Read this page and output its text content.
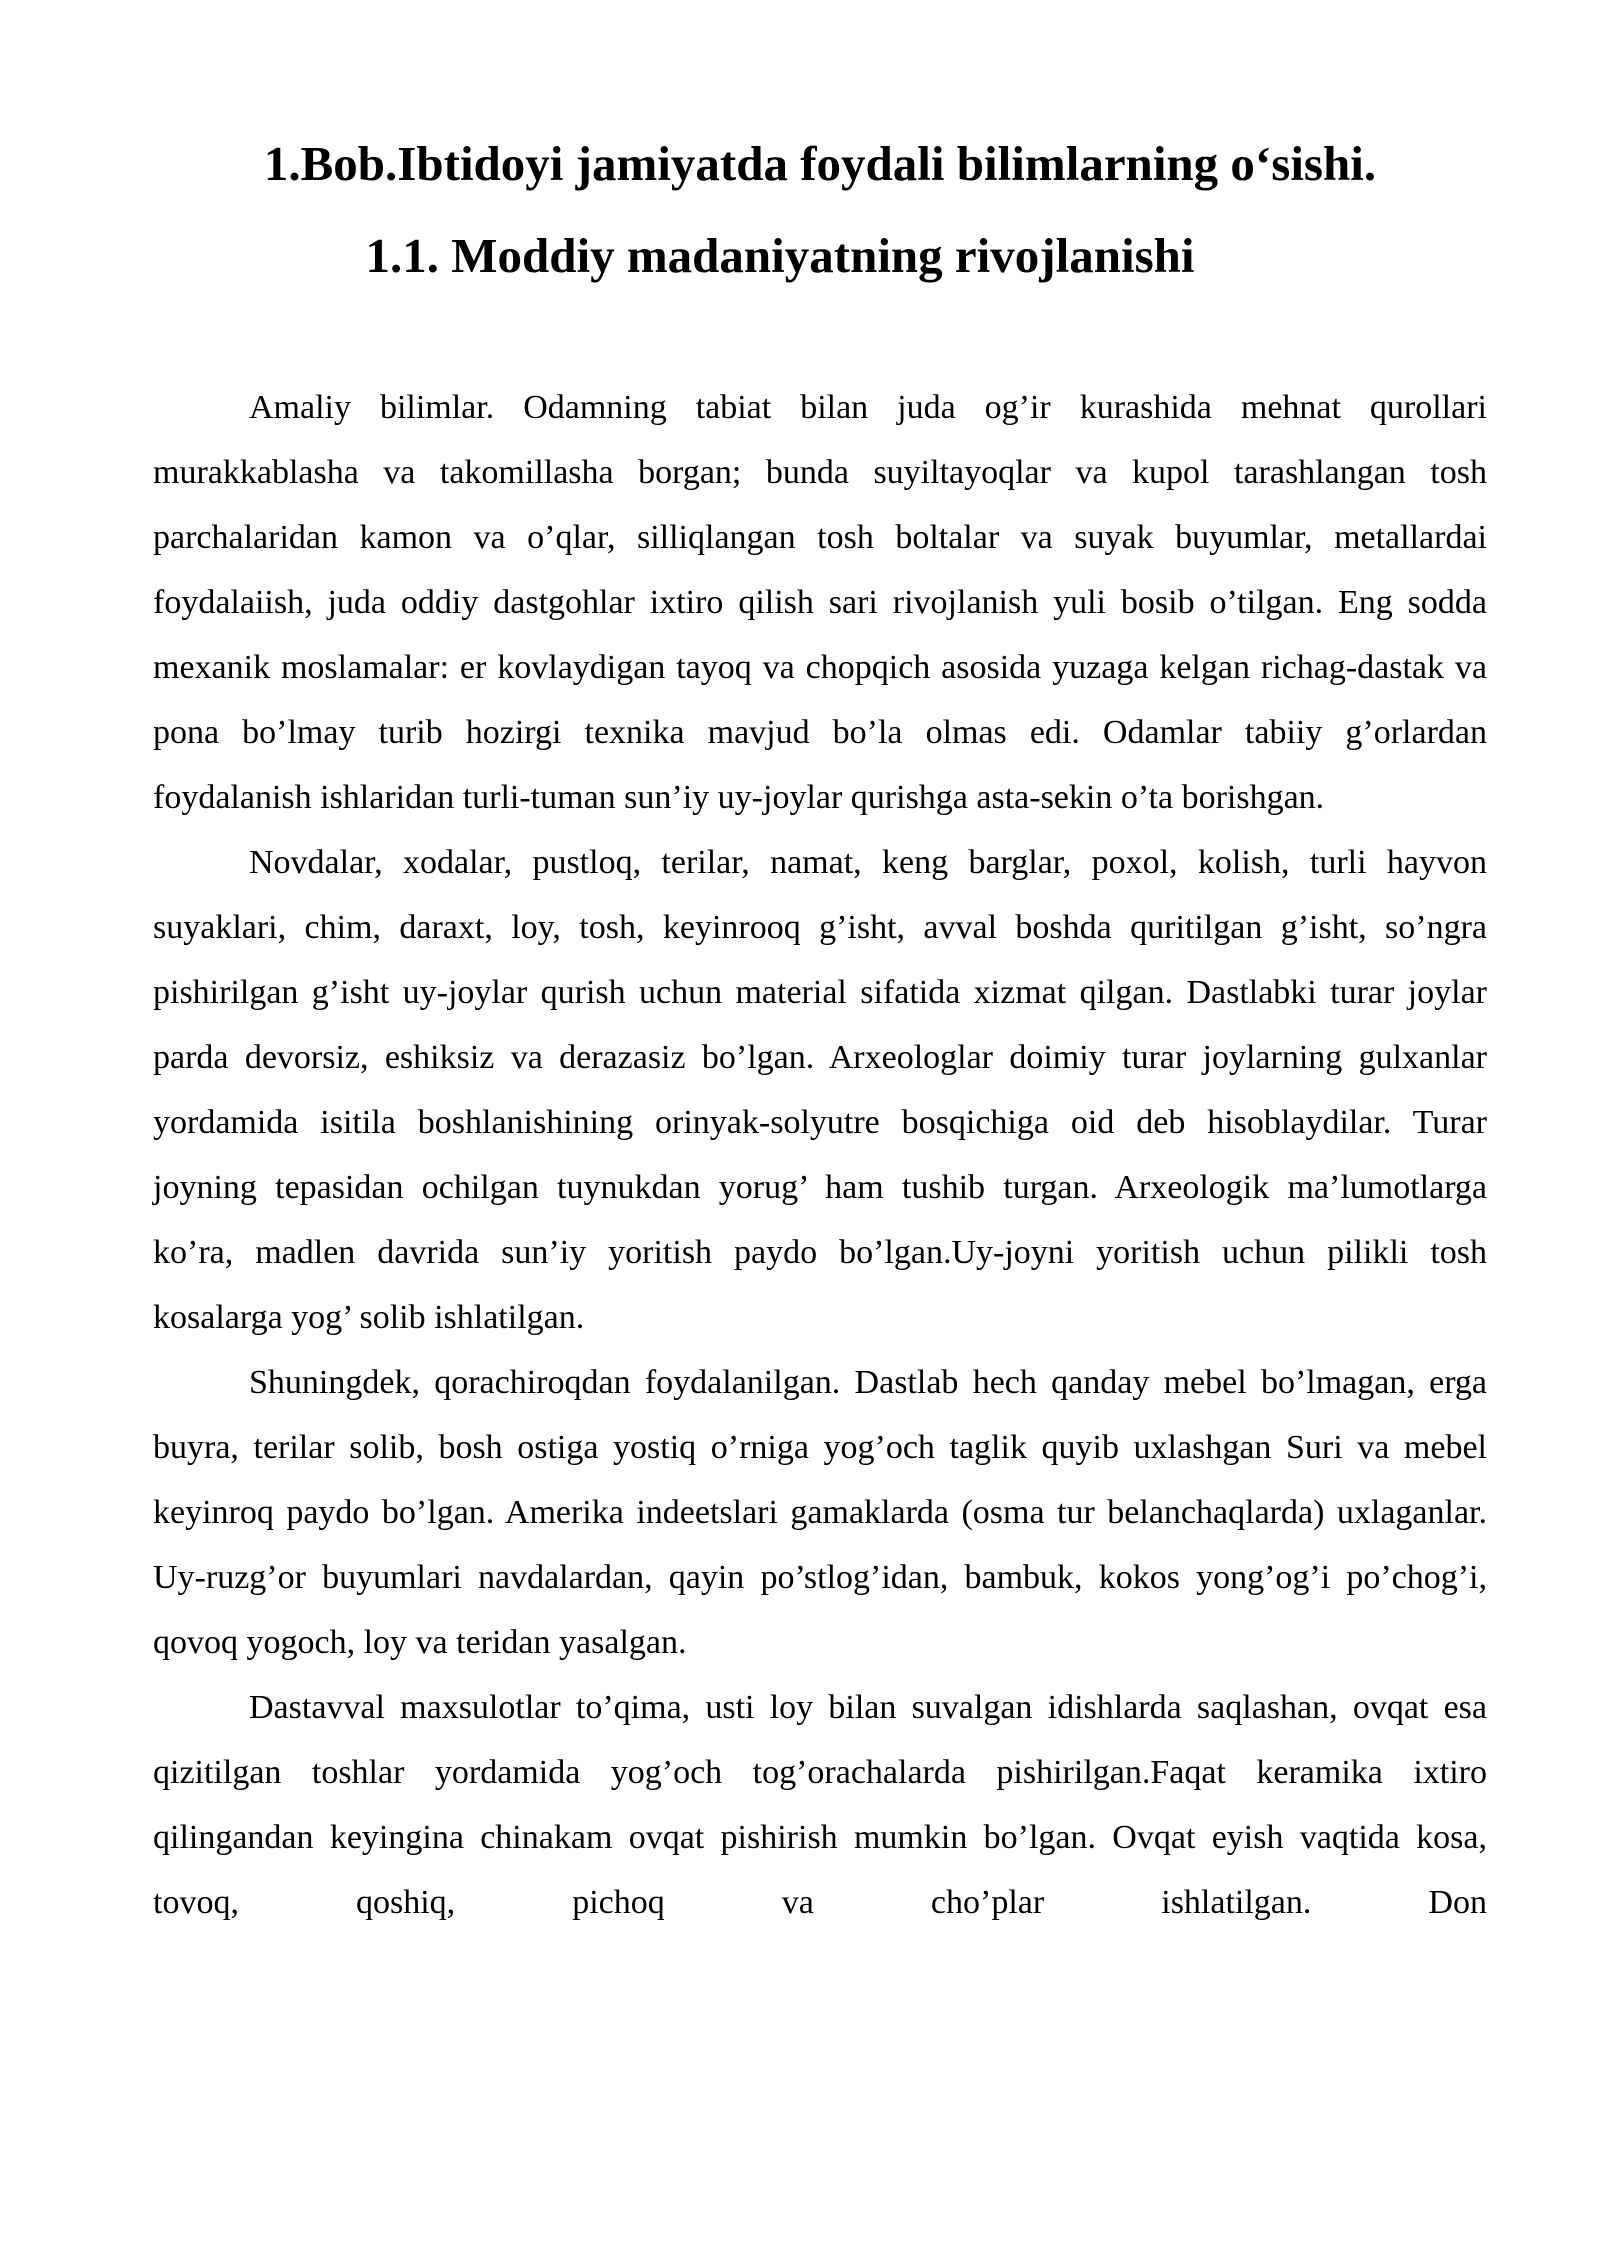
1.Bob.Ibtidoyi jamiyatda foydali bilimlarning o‘sishi.
1.1. Moddiy madaniyatning rivojlanishi

Amaliy bilimlar. Odamning tabiat bilan juda og’ir kurashida mehnat qurollari murakkablasha va takomillasha borgan; bunda suyiltayoqlar va kupol tarashlangan tosh parchalaridan kamon va o’qlar, silliqlangan tosh boltalar va suyak buyumlar, metallardai foydalaiish, juda oddiy dastgohlar ixtiro qilish sari rivojlanish yuli bosib o’tilgan. Eng sodda mexanik moslamalar: er kovlaydigan tayoq va chopqich asosida yuzaga kelgan richag-dastak va pona bo’lmay turib hozirgi texnika mavjud bo’la olmas edi. Odamlar tabiiy g’orlardan foydalanish ishlaridan turli-tuman sun’iy uy-joylar qurishga asta-sekin o’ta borishgan.

Novdalar, xodalar, pustloq, terilar, namat, keng barglar, poxol, kolish, turli hayvon suyaklari, chim, daraxt, loy, tosh, keyinrooq g’isht, avval boshda quritilgan g’isht, so’ngra pishirilgan g’isht uy-joylar qurish uchun material sifatida xizmat qilgan. Dastlabki turar joylar parda devorsiz, eshiksiz va derazasiz bo’lgan. Arxeologlar doimiy turar joylarning gulxanlar yordamida isitila boshlanishining orinyak-solyutre bosqichiga oid deb hisoblaydilar. Turar joyning tepasidan ochilgan tuynukdan yorug’ ham tushib turgan. Arxeologik ma’lumotlarga ko’ra, madlen davrida sun’iy yoritish paydo bo’lgan.Uy-joyni yoritish uchun pilikli tosh kosalarga yog’ solib ishlatilgan.

Shuningdek, qorachiroqdan foydalanilgan. Dastlab hech qanday mebel bo’lmagan, erga buyra, terilar solib, bosh ostiga yostiq o’rniga yog’och taglik quyib uxlashgan Suri va mebel keyinroq paydo bo’lgan. Amerika indeetslari gamaklarda (osma tur belanchaqlarda) uxlaganlar. Uy-ruzg’or buyumlari navdalardan, qayin po’stlog’idan, bambuk, kokos yong’og’i po’chog’i, qovoq yogoch, loy va teridan yasalgan.

Dastavval maxsulotlar to’qima, usti loy bilan suvalgan idishlarda saqlashan, ovqat esa qizitilgan toshlar yordamida yog’och tog’orachalarda pishirilgan.Faqat keramika ixtiro qilingandan keyingina chinakam ovqat pishirish mumkin bo’lgan. Ovqat eyish vaqtida kosa, tovoq, qoshiq, pichoq va cho’plar ishlatilgan. Don
